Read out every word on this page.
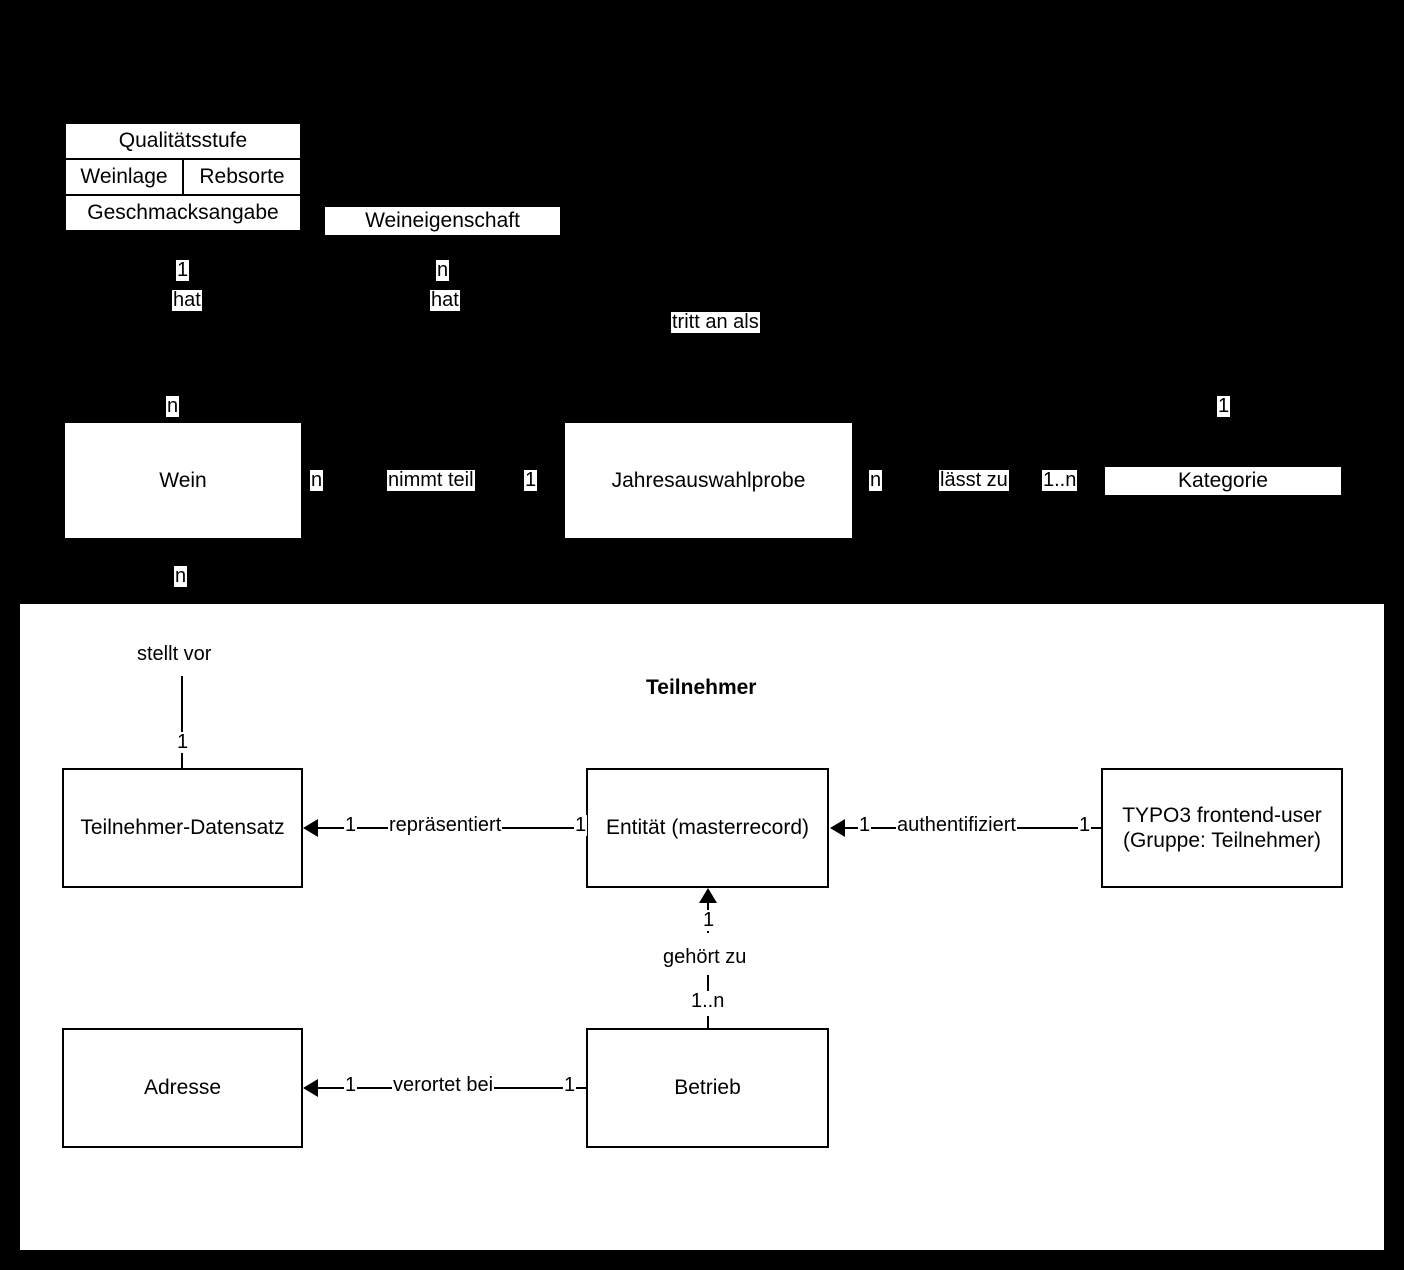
Teilnehmer
Qualitätsstufe
Weinlage	Rebsorte
Geschmacksangabe	Weineigenschaft
Wein	Jahresauswahlprobe	Kategorie
1
hat
n
hat
tritt an als
n
n	nimmt teil	1	n	lässt zu 1..n
1
n
Teilnehmer-Datensatz	Entität (masterrecord)
TYPO3 frontend-user
(Gruppe: Teilnehmer)
Adresse	Betrieb
stellt vor
1
1 repräsentiert	1	1 authentifiziert	1
1
gehört zu
1..n
1 verortet bei	1
